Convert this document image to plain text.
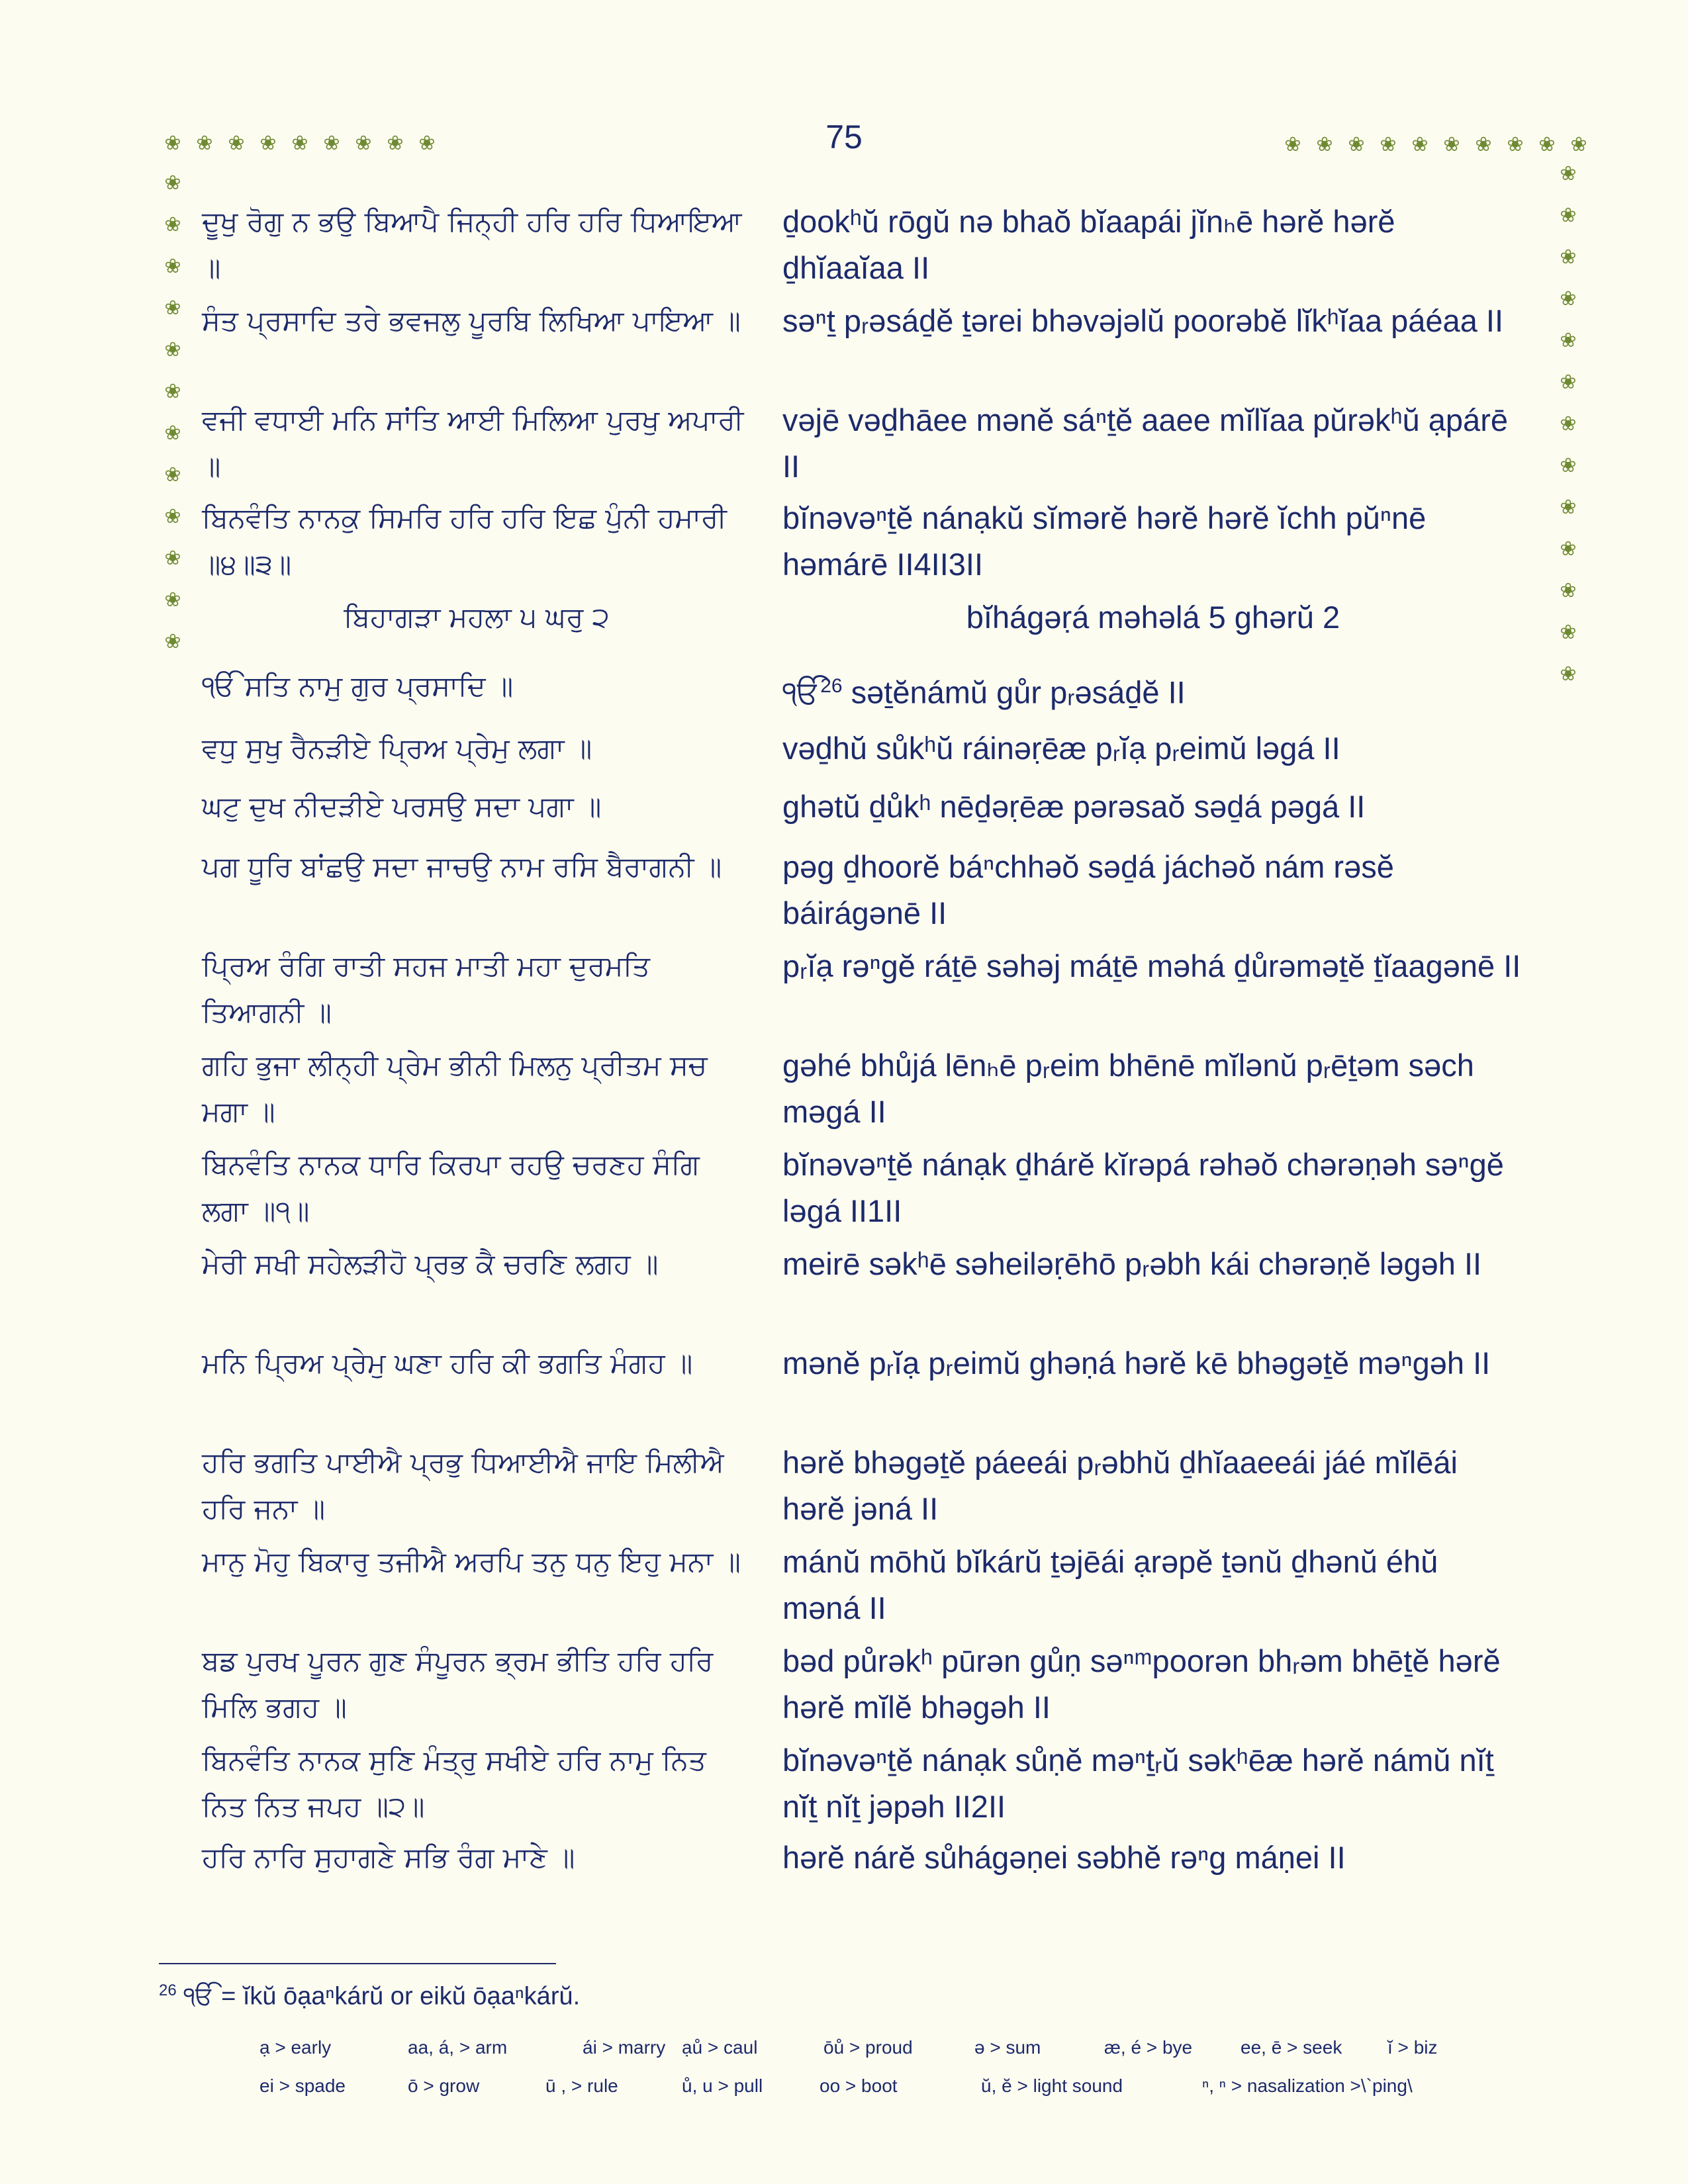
❀ ❀ ❀ ❀ ❀ ❀ ❀ ❀ ❀	❀ ❀ ❀ ❀ ❀ ❀ ❀ ❀ ❀ ❀
❀
❀
❀
❀
❀
❀
❀
❀
❀
❀
❀
❀
❀
❀
❀
❀
❀
❀
❀
❀
❀
❀
❀
❀
❀
75
ਦੂਖੁ ਰੋਗੁ ਨ ਭਉ ਬਿਆਪੈ ਜਿਨ੍ਹੀ ਹਰਿ ਹਰਿ ਧਿਆਇਆ ॥
ḏookʰŭ rōgŭ nə bhaŏ bĭaapái jĭnₕē hərĕ hərĕ ḏhĭaaĭaa II
ਸੰਤ ਪ੍ਰਸਾਦਿ ਤਰੇ ਭਵਜਲੁ ਪੂਰਬਿ ਲਿਖਿਆ ਪਾਇਆ ॥	səⁿṯ pᵣəsáḏĕ ṯərei bhəvəjəlŭ poorəbĕ lĭkʰĭaa páéaa II
ਵਜੀ ਵਧਾਈ ਮਨਿ ਸਾਂਤਿ ਆਈ ਮਿਲਿਆ ਪੁਰਖੁ ਅਪਾਰੀ ॥
vəjē vəḏhāee mənĕ sáⁿṯĕ aaee mĭlĭaa pŭrəkʰŭ ạpárē II
ਬਿਨਵੰਤਿ ਨਾਨਕੁ ਸਿਮਰਿ ਹਰਿ ਹਰਿ ਇਛ ਪੁੰਨੀ ਹਮਾਰੀ ॥੪॥੩॥
bĭnəvəⁿṯĕ nánạkŭ sĭmərĕ hərĕ hərĕ ĭchh pŭⁿnē həmárē II4II3II
ਬਿਹਾਗੜਾ ਮਹਲਾ ੫ ਘਰੁ ੨	bĭhágəṛá məhəlá 5 ghərŭ 2
ੴ ਸਤਿ ਨਾਮੁ ਗੁਰ ਪ੍ਰਸਾਦਿ ॥	ੴ$^{26}$ səṯĕnámŭ gůr pᵣəsáḏĕ II
ਵਧੁ ਸੁਖੁ ਰੈਨੜੀਏ ਪ੍ਰਿਅ ਪ੍ਰੇਮੁ ਲਗਾ ॥	vəḏhŭ sůkʰŭ ráinəṛēæ pᵣĭạ pᵣeimŭ ləgá II
ਘਟੁ ਦੁਖ ਨੀਦੜੀਏ ਪਰਸਉ ਸਦਾ ਪਗਾ ॥	ghətŭ ḏůkʰ nēḏəṛēæ pərəsaŏ səḏá pəgá II
ਪਗ ਧੂਰਿ ਬਾਂਛਉ ਸਦਾ ਜਾਚਉ ਨਾਮ ਰਸਿ ਬੈਰਾਗਨੀ ॥	pəg ḏhoorĕ báⁿchhəŏ səḏá jáchəŏ nám rəsĕ báirágənē II
ਪ੍ਰਿਅ ਰੰਗਿ ਰਾਤੀ ਸਹਜ ਮਾਤੀ ਮਹਾ ਦੁਰਮਤਿ ਤਿਆਗਨੀ ॥
pᵣĭạ rəⁿgĕ ráṯē səhəj máṯē məhá ḏůrəməṯĕ ṯĭaagənē II
ਗਹਿ ਭੁਜਾ ਲੀਨ੍ਹੀ ਪ੍ਰੇਮ ਭੀਨੀ ਮਿਲਨੁ ਪ੍ਰੀਤਮ ਸਚ ਮਗਾ ॥
gəhé bhůjá lēnₕē pᵣeim bhēnē mĭlənŭ pᵣēṯəm səch məgá II
ਬਿਨਵੰਤਿ ਨਾਨਕ ਧਾਰਿ ਕਿਰਪਾ ਰਹਉ ਚਰਣਹ ਸੰਗਿ ਲਗਾ ॥੧॥
bĭnəvəⁿṯĕ nánạk ḏhárĕ kĭrəpá rəhəŏ chərəṇəh səⁿgĕ ləgá II1II
ਮੇਰੀ ਸਖੀ ਸਹੇਲੜੀਹੋ ਪ੍ਰਭ ਕੈ ਚਰਣਿ ਲਗਹ ॥	meirē səkʰē səheiləṛēhō pᵣəbh kái chərəṇĕ ləgəh II
ਮਨਿ ਪ੍ਰਿਅ ਪ੍ਰੇਮੁ ਘਣਾ ਹਰਿ ਕੀ ਭਗਤਿ ਮੰਗਹ ॥	mənĕ pᵣĭạ pᵣeimŭ ghəṇá hərĕ kē bhəgəṯĕ məⁿgəh II
ਹਰਿ ਭਗਤਿ ਪਾਈਐ ਪ੍ਰਭੁ ਧਿਆਈਐ ਜਾਇ ਮਿਲੀਐ ਹਰਿ ਜਨਾ ॥
hərĕ bhəgəṯĕ páeeái pᵣəbhŭ ḏhĭaaeeái jáé mĭlēái hərĕ jəná II
ਮਾਨੁ ਮੋਹੁ ਬਿਕਾਰੁ ਤਜੀਐ ਅਰਪਿ ਤਨੁ ਧਨੁ ਇਹੁ ਮਨਾ ॥	mánŭ mōhŭ bĭkárŭ ṯəjēái ạrəpĕ ṯənŭ ḏhənŭ éhŭ məná II
ਬਡ ਪੁਰਖ ਪੂਰਨ ਗੁਣ ਸੰਪੂਰਨ ਭ੍ਰਮ ਭੀਤਿ ਹਰਿ ਹਰਿ ਮਿਲਿ ਭਗਹ ॥
bəd půrəkʰ pūrən gůṇ səⁿᵐpoorən bhᵣəm bhēṯĕ hərĕ hərĕ mĭlĕ bhəgəh II
ਬਿਨਵੰਤਿ ਨਾਨਕ ਸੁਣਿ ਮੰਤ੍ਰੁ ਸਖੀਏ ਹਰਿ ਨਾਮੁ ਨਿਤ ਨਿਤ ਨਿਤ ਜਪਹ ॥੨॥
bĭnəvəⁿṯĕ nánạk sůṇĕ məⁿṯᵣŭ səkʰēæ hərĕ námŭ nĭṯ nĭṯ nĭṯ jəpəh II2II
ਹਰਿ ਨਾਰਿ ਸੁਹਾਗਣੇ ਸਭਿ ਰੰਗ ਮਾਣੇ ॥	hərĕ nárĕ sůhágəṇei səbhĕ rəⁿg máṇei II
$^{26}$ ੴ = ĭkŭ ōạaⁿkárŭ or eikŭ ōạaⁿkárŭ.
ạ > early	aa, á, > arm	ái > marry ạů > caul	ōů > proud	ə > sum	æ, é > bye	ee, ē > seek ĭ > biz
ei > spade	ō > grow	ū , > rule	ů, u > pull	oo > boot	ŭ, ĕ > light sound	ⁿ, ⁿ > nasalization >\`ping\
